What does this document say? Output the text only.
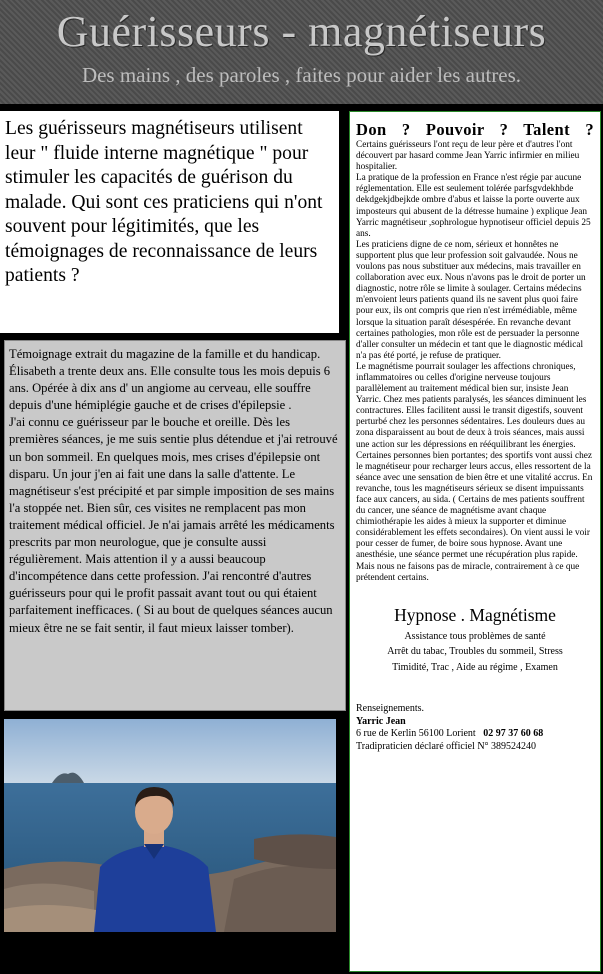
Guérisseurs - magnétiseurs
Des mains , des paroles , faites pour aider les autres.
Les guérisseurs magnétiseurs utilisent leur " fluide interne magnétique " pour stimuler les capacités de guérison du malade. Qui sont ces praticiens qui n'ont souvent pour légitimités, que les témoignages de reconnaissance de leurs patients ?

Témoignage extrait du magazine de la famille et du handicap.

Élisabeth a trente deux ans. Elle consulte tous les mois depuis 6 ans. Opérée à dix ans d' un angiome au cerveau, elle souffre depuis d'une hémiplégie gauche et de crises d'épilepsie .

J'ai connu ce guérisseur par le bouche et oreille. Dès les premières séances, je me suis sentie plus détendue et j'ai retrouvé un bon sommeil. En quelques mois, mes crises d'épilepsie ont disparu. Un jour j'en ai fait une dans la salle d'attente. Le magnétiseur s'est précipité et par simple imposition de ses mains l'a stoppée net. Bien sûr, ces visites ne remplacent pas mon traitement médical officiel. Je n'ai jamais arrêté les médicaments prescrits par mon neurologue, que je consulte aussi régulièrement. Mais attention il y a aussi beaucoup d'incompétence dans cette profession. J'ai rencontré d'autres guérisseurs pour qui le profit passait avant tout ou qui étaient parfaitement inefficaces. ( Si au bout de quelques séances aucun mieux être ne se fait sentir, il faut mieux laisser tomber).

Don ? Pouvoir ? Talent ?

Certains guérisseurs l'ont reçu de leur père et d'autres l'ont découvert par hasard comme Jean Yarric infirmier en milieu hospitalier.

La pratique de la profession en France n'est régie par aucune réglementation. Elle est seulement tolérée parfsgvdekhbde dekdgekjdbejkde ombre d'abus et laisse la porte ouverte aux imposteurs qui abusent de la détresse humaine ) explique Jean Yarric magnétiseur ,sophrologue hypnotiseur officiel depuis 25 ans.

Les praticiens digne de ce nom, sérieux et honnêtes ne supportent plus que leur profession soit galvaudée. Nous ne voulons pas nous substituer aux médecins, mais travailler en collaboration avec eux. Nous n'avons pas le droit de porter un diagnostic, notre rôle se limite à soulager. Certains médecins m'envoient leurs patients quand ils ne savent plus quoi faire pour eux, ils ont compris que rien n'est irrémédiable, même lorsque la situation paraît désespérée. En revanche devant certaines pathologies, mon rôle est de persuader la personne d'aller consulter un médecin et tant que le diagnostic médical n'a pas été porté, je refuse de pratiquer.

Le magnétisme pourrait soulager les affections chroniques, inflammatoires ou celles d'origine nerveuse toujours parallèlement au traitement médical bien sur, insiste Jean Yarric. Chez mes patients paralysés, les séances diminuent les contractures. Elles facilitent aussi le transit digestifs, souvent perturbé chez les personnes sédentaires. Les douleurs dues au zona disparaissent au bout de deux à trois séances, mais aussi une action sur les dépressions en rééquilibrant les énergies. Certaines personnes bien portantes; des sportifs vont aussi chez le magnétiseur pour recharger leurs accus, elles ressortent de la séance avec une sensation de bien être et une vitalité accrus. En revanche, tous les magnétiseurs sérieux se disent impuissants face aux cancers, au sida. ( Certains de mes patients souffrent du cancer, une séance de magnétisme avant chaque chimiothérapie les aides à mieux la supporter et diminue considérablement les effets secondaires). On vient aussi le voir pour cesser de fumer, de boire sous hypnose. Avant une anesthésie, une séance permet une récupération plus rapide. Mais nous ne faisons pas de miracle, contrairement à ce que prétendent certains.

Hypnose . Magnétisme
Assistance tous problèmes de santé
Arrêt du tabac, Troubles du sommeil, Stress
Timidité, Trac , Aide au régime , Examen

Renseignements.

Yarric Jean

6 rue de Kerlin 56100 Lorient 02 97 37 60 68

Tradipraticien déclaré officiel N° 389524240
